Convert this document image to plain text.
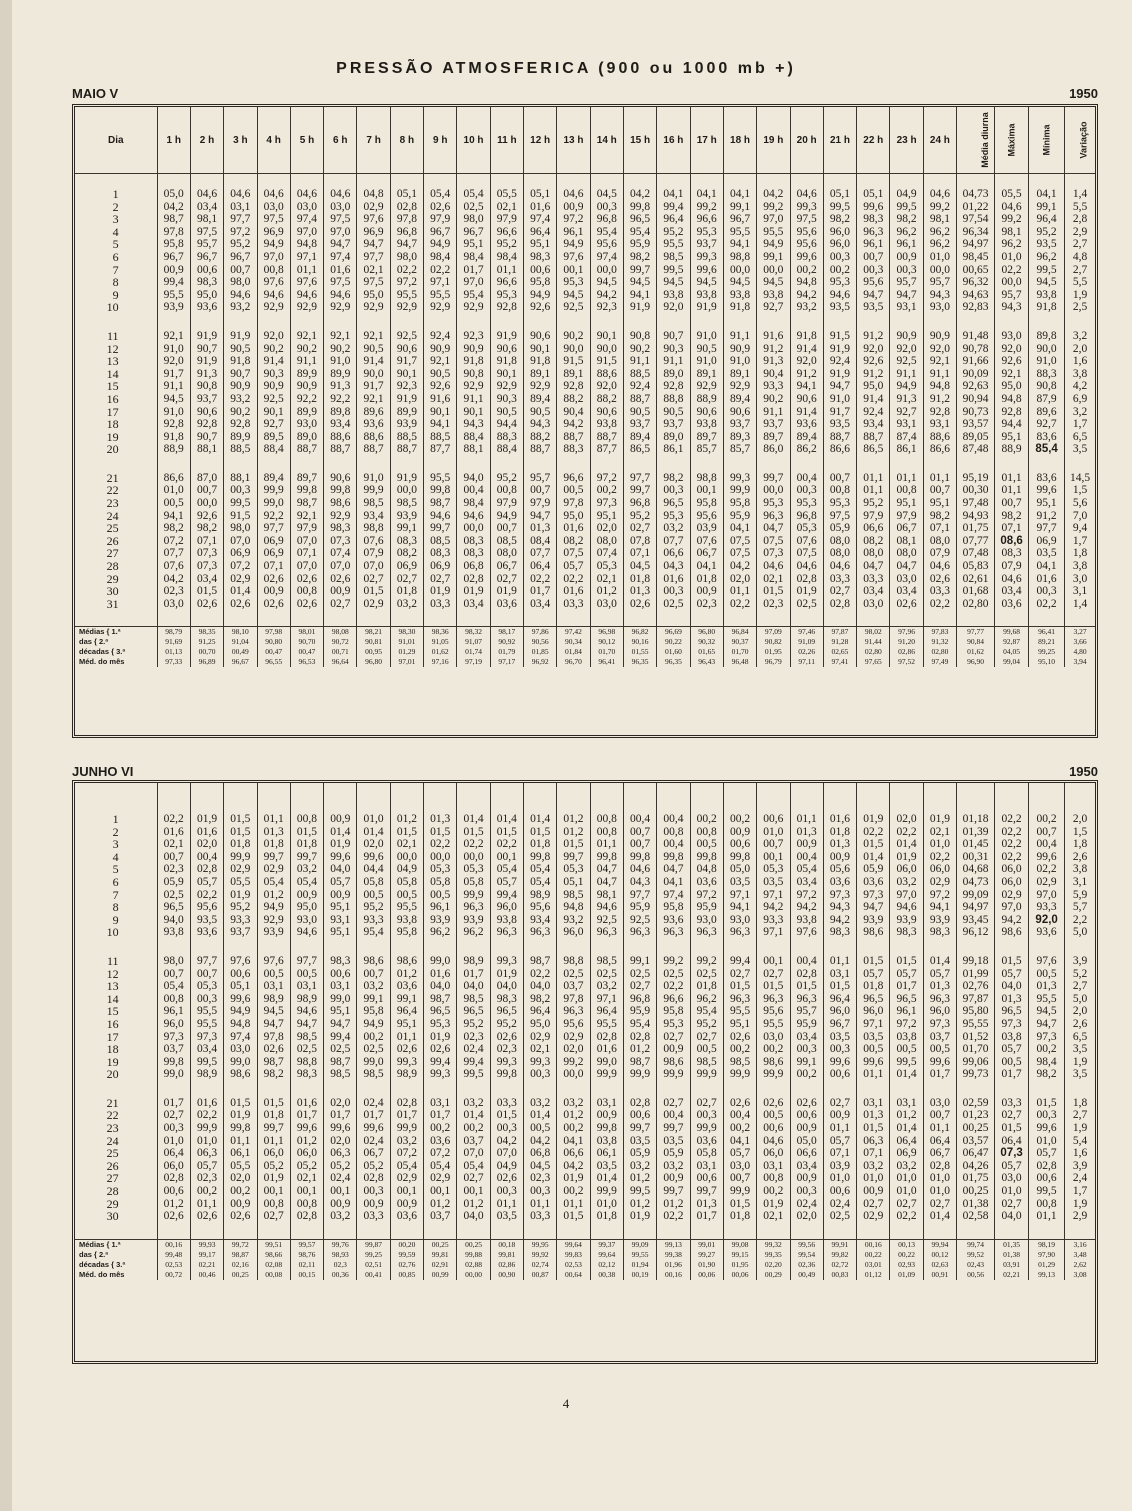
PRESSÃO ATMOSFERICA (900 ou 1000 mb +)
MAIO V	1950
Dia	1 h	2 h	3 h	4 h	5 h	6 h	7 h	8 h	9 h	10 h	11 h	12 h	13 h	14 h	15 h	16 h	17 h	18 h	19 h	20 h	21 h	22 h	23 h	24 h	Média diurna	Máxima	Mínima	Variação

1	05,0	04,6	04,6	04,6	04,6	04,6	04,8	05,1	05,4	05,4	05,5	05,1	04,6	04,5	04,2	04,1	04,1	04,1	04,2	04,6	05,1	05,1	04,9	04,6	04,73	05,5	04,1	1,4
2	04,2	03,4	03,1	03,0	03,0	03,0	02,9	02,8	02,6	02,5	02,1	01,6	00,9	00,3	99,8	99,4	99,2	99,1	99,2	99,3	99,5	99,6	99,5	99,2	01,22	04,6	99,1	5,5
3	98,7	98,1	97,7	97,5	97,4	97,5	97,6	97,8	97,9	98,0	97,9	97,4	97,2	96,8	96,5	96,4	96,6	96,7	97,0	97,5	98,2	98,3	98,2	98,1	97,54	99,2	96,4	2,8
4	97,8	97,5	97,2	96,9	97,0	97,0	96,9	96,8	96,7	96,7	96,6	96,4	96,1	95,4	95,4	95,2	95,3	95,5	95,5	95,6	96,0	96,3	96,2	96,2	96,34	98,1	95,2	2,9
5	95,8	95,7	95,2	94,9	94,8	94,7	94,7	94,7	94,9	95,1	95,2	95,1	94,9	95,6	95,9	95,5	93,7	94,1	94,9	95,6	96,0	96,1	96,1	96,2	94,97	96,2	93,5	2,7
6	96,7	96,7	96,7	97,0	97,1	97,4	97,7	98,0	98,4	98,4	98,4	98,3	97,6	97,4	98,2	98,5	99,3	98,8	99,1	99,6	00,3	00,7	00,9	01,0	98,45	01,0	96,2	4,8
7	00,9	00,6	00,7	00,8	01,1	01,6	02,1	02,2	02,2	01,7	01,1	00,6	00,1	00,0	99,7	99,5	99,6	00,0	00,0	00,2	00,2	00,3	00,3	00,0	00,65	02,2	99,5	2,7
8	99,4	98,3	98,0	97,6	97,6	97,5	97,5	97,2	97,1	97,0	96,6	95,8	95,3	94,5	94,5	94,5	94,5	94,5	94,5	94,8	95,3	95,6	95,7	95,7	96,32	00,0	94,5	5,5
9	95,5	95,0	94,6	94,6	94,6	94,6	95,0	95,5	95,5	95,4	95,3	94,9	94,5	94,2	94,1	93,8	93,8	93,8	93,8	94,2	94,6	94,7	94,7	94,3	94,63	95,7	93,8	1,9
10	93,9	93,6	93,2	92,9	92,9	92,9	92,9	92,9	92,9	92,9	92,8	92,6	92,5	92,3	91,9	92,0	91,9	91,8	92,7	93,2	93,5	93,5	93,1	93,0	92,83	94,3	91,8	2,5

11	92,1	91,9	91,9	92,0	92,1	92,1	92,1	92,5	92,4	92,3	91,9	90,6	90,2	90,1	90,8	90,7	91,0	91,1	91,6	91,8	91,5	91,2	90,9	90,9	91,48	93,0	89,8	3,2
12	91,0	90,7	90,5	90,2	90,2	90,2	90,5	90,6	90,9	90,9	90,6	90,1	90,0	90,0	90,2	90,3	90,5	90,9	91,2	91,4	91,9	92,0	92,0	92,0	90,78	92,0	90,0	2,0
13	92,0	91,9	91,8	91,4	91,1	91,0	91,4	91,7	92,1	91,8	91,8	91,8	91,5	91,5	91,1	91,1	91,0	91,0	91,3	92,0	92,4	92,6	92,5	92,1	91,66	92,6	91,0	1,6
14	91,7	91,3	90,7	90,3	89,9	89,9	90,0	90,1	90,5	90,8	90,1	89,1	89,1	88,6	88,5	89,0	89,1	89,1	90,4	91,2	91,9	91,2	91,1	91,1	90,09	92,1	88,3	3,8
15	91,1	90,8	90,9	90,9	90,9	91,3	91,7	92,3	92,6	92,9	92,9	92,9	92,8	92,0	92,4	92,8	92,9	92,9	93,3	94,1	94,7	95,0	94,9	94,8	92,63	95,0	90,8	4,2
16	94,5	93,7	93,2	92,5	92,2	92,2	92,1	91,9	91,6	91,1	90,3	89,4	88,2	88,2	88,7	88,8	88,9	89,4	90,2	90,6	91,0	91,4	91,3	91,2	90,94	94,8	87,9	6,9
17	91,0	90,6	90,2	90,1	89,9	89,8	89,6	89,9	90,1	90,1	90,5	90,5	90,4	90,6	90,5	90,5	90,6	90,6	91,1	91,4	91,7	92,4	92,7	92,8	90,73	92,8	89,6	3,2
18	92,8	92,8	92,8	92,7	93,0	93,4	93,6	93,9	94,1	94,3	94,4	94,3	94,2	93,8	93,7	93,7	93,8	93,7	93,7	93,6	93,5	93,4	93,1	93,1	93,57	94,4	92,7	1,7
19	91,8	90,7	89,9	89,5	89,0	88,6	88,6	88,5	88,5	88,4	88,3	88,2	88,7	88,7	89,4	89,0	89,7	89,3	89,7	89,4	88,7	88,7	87,4	88,6	89,05	95,1	83,6	6,5
20	88,9	88,1	88,5	88,4	88,7	88,7	88,7	88,7	87,7	88,1	88,4	88,7	88,3	87,7	86,5	86,1	85,7	85,7	86,0	86,2	86,6	86,5	86,1	86,6	87,48	88,9	85,4	3,5

21	86,6	87,0	88,1	89,4	89,7	90,6	91,0	91,9	95,5	94,0	95,2	95,7	96,6	97,2	97,7	98,2	98,8	99,3	99,7	00,4	00,7	01,1	01,1	01,1	95,19	01,1	83,6	14,5
22	01,0	00,7	00,3	99,9	99,8	99,8	99,9	00,0	99,8	00,4	00,8	00,7	00,5	00,2	99,7	00,3	00,1	99,9	00,0	00,3	00,8	01,1	00,8	00,7	00,30	01,1	99,6	1,5
23	00,5	00,0	99,5	99,0	98,7	98,6	98,5	98,5	98,7	98,4	97,9	97,9	97,8	97,3	96,8	96,5	95,8	95,8	95,3	95,3	95,3	95,2	95,1	95,1	97,48	00,7	95,1	5,6
24	94,1	92,6	91,5	92,2	92,1	92,9	93,4	93,9	94,6	94,6	94,9	94,7	95,0	95,1	95,2	95,3	95,6	95,9	96,3	96,8	97,5	97,9	97,9	98,2	94,93	98,2	91,2	7,0
25	98,2	98,2	98,0	97,7	97,9	98,3	98,8	99,1	99,7	00,0	00,7	01,3	01,6	02,0	02,7	03,2	03,9	04,1	04,7	05,3	05,9	06,6	06,7	07,1	01,75	07,1	97,7	9,4
26	07,2	07,1	07,0	06,9	07,0	07,3	07,6	08,3	08,5	08,3	08,5	08,4	08,2	08,0	07,8	07,7	07,6	07,5	07,5	07,6	08,0	08,2	08,1	08,0	07,77	08,6	06,9	1,7
27	07,7	07,3	06,9	06,9	07,1	07,4	07,9	08,2	08,3	08,3	08,0	07,7	07,5	07,4	07,1	06,6	06,7	07,5	07,3	07,5	08,0	08,0	08,0	07,9	07,48	08,3	03,5	1,8
28	07,6	07,3	07,2	07,1	07,0	07,0	07,0	06,9	06,9	06,8	06,7	06,4	05,7	05,3	04,5	04,3	04,1	04,2	04,6	04,6	04,6	04,7	04,7	04,6	05,83	07,9	04,1	3,8
29	04,2	03,4	02,9	02,6	02,6	02,6	02,7	02,7	02,7	02,8	02,7	02,2	02,2	02,1	01,8	01,6	01,8	02,0	02,1	02,8	03,3	03,3	03,0	02,6	02,61	04,6	01,6	3,0
30	02,3	01,5	01,4	00,9	00,8	00,9	01,5	01,8	01,9	01,9	01,9	01,7	01,6	01,2	01,3	00,3	00,9	01,1	01,5	01,9	02,7	03,4	03,4	03,3	01,68	03,4	00,3	3,1
31	03,0	02,6	02,6	02,6	02,6	02,7	02,9	03,2	03,3	03,4	03,6	03,4	03,3	03,0	02,6	02,5	02,3	02,2	02,3	02,5	02,8	03,0	02,6	02,2	02,80	03,6	02,2	1,4

Médias { 1.ª	98,79	98,35	98,10	97,98	98,01	98,08	98,21	98,30	98,36	98,32	98,17	97,86	97,42	96,98	96,82	96,69	96,80	96,84	97,09	97,46	97,87	98,02	97,96	97,83	97,77	99,68	96,41	3,27
das { 2.ª	91,69	91,25	91,04	90,80	90,70	90,72	90,81	91,01	91,05	91,07	90,92	90,56	90,34	90,12	90,16	90,22	90,32	90,37	90,82	91,09	91,28	91,44	91,20	91,32	90,84	92,87	89,21	3,66
décadas { 3.ª	01,13	00,70	00,49	00,47	00,47	00,71	00,95	01,29	01,62	01,74	01,79	01,85	01,84	01,70	01,55	01,60	01,65	01,70	01,95	02,26	02,65	02,80	02,86	02,80	01,62	04,05	99,25	4,80
Méd. do mês	97,33	96,89	96,67	96,55	96,53	96,64	96,80	97,01	97,16	97,19	97,17	96,92	96,70	96,41	96,35	96,35	96,43	96,48	96,79	97,11	97,41	97,65	97,52	97,49	96,90	99,04	95,10	3,94
JUNHO VI	1950

1	02,2	01,9	01,5	01,1	00,8	00,9	01,0	01,2	01,3	01,4	01,4	01,4	01,2	00,8	00,4	00,4	00,2	00,2	00,6	01,1	01,6	01,9	02,0	01,9	01,18	02,2	00,2	2,0
2	01,6	01,6	01,5	01,3	01,5	01,4	01,4	01,5	01,5	01,5	01,5	01,5	01,2	00,8	00,7	00,8	00,8	00,9	01,0	01,3	01,8	02,2	02,2	02,1	01,39	02,2	00,7	1,5
3	02,1	02,0	01,8	01,8	01,8	01,9	02,0	02,1	02,2	02,2	02,2	01,8	01,5	01,1	00,7	00,4	00,5	00,6	00,7	00,9	01,3	01,5	01,4	01,0	01,45	02,2	00,4	1,8
4	00,7	00,4	99,9	99,7	99,7	99,6	99,6	00,0	00,0	00,0	00,1	99,8	99,7	99,8	99,8	99,8	99,8	99,8	00,1	00,4	00,9	01,4	01,9	02,2	00,31	02,2	99,6	2,6
5	02,3	02,8	02,9	02,9	03,2	04,0	04,4	04,9	05,3	05,3	05,4	05,4	05,3	04,7	04,6	04,7	04,8	05,0	05,3	05,4	05,6	05,9	06,0	06,0	04,68	06,0	02,2	3,8
6	05,9	05,7	05,5	05,4	05,4	05,7	05,8	05,8	05,8	05,8	05,7	05,4	05,1	04,7	04,3	04,1	03,6	03,5	03,5	03,4	03,6	03,6	03,2	02,9	04,73	06,0	02,9	3,1
7	02,5	02,2	01,9	01,2	00,9	00,9	00,5	00,5	00,5	99,9	99,4	98,9	98,5	98,1	97,7	97,4	97,2	97,1	97,1	97,2	97,3	97,3	97,0	97,2	99,09	02,9	97,0	5,9
8	96,5	95,6	95,2	94,9	95,0	95,1	95,2	95,5	96,1	96,3	96,0	95,6	94,8	94,6	95,9	95,8	95,9	94,1	94,2	94,2	94,3	94,7	94,6	94,1	94,97	97,0	93,3	5,7
9	94,0	93,5	93,3	92,9	93,0	93,1	93,3	93,8	93,9	93,9	93,8	93,4	93,2	92,5	92,5	93,6	93,0	93,0	93,3	93,8	94,2	93,9	93,9	93,9	93,45	94,2	92,0	2,2
10	93,8	93,6	93,7	93,9	94,6	95,1	95,4	95,8	96,2	96,2	96,3	96,3	96,0	96,3	96,3	96,3	96,3	96,3	97,1	97,6	98,3	98,6	98,3	98,3	96,12	98,6	93,6	5,0

11	98,0	97,7	97,6	97,6	97,7	98,3	98,6	98,6	99,0	98,9	99,3	98,7	98,8	98,5	99,1	99,2	99,2	99,4	00,1	00,4	01,1	01,5	01,5	01,4	99,18	01,5	97,6	3,9
12	00,7	00,7	00,6	00,5	00,5	00,6	00,7	01,2	01,6	01,7	01,9	02,2	02,5	02,5	02,5	02,5	02,5	02,7	02,7	02,8	03,1	05,7	05,7	05,7	01,99	05,7	00,5	5,2
13	05,4	05,3	05,1	03,1	03,1	03,1	03,2	03,6	04,0	04,0	04,0	04,0	03,7	03,2	02,7	02,2	01,8	01,5	01,5	01,5	01,5	01,8	01,7	01,3	02,76	04,0	01,3	2,7
14	00,8	00,3	99,6	98,9	98,9	99,0	99,1	99,1	98,7	98,5	98,3	98,2	97,8	97,1	96,8	96,6	96,2	96,3	96,3	96,3	96,4	96,5	96,5	96,3	97,87	01,3	95,5	5,0
15	96,1	95,5	94,9	94,5	94,6	95,1	95,8	96,4	96,5	96,5	96,5	96,4	96,3	96,4	95,9	95,8	95,4	95,5	95,6	95,7	96,0	96,0	96,1	96,0	95,80	96,5	94,5	2,0
16	96,0	95,5	94,8	94,7	94,7	94,7	94,9	95,1	95,3	95,2	95,2	95,0	95,6	95,5	95,4	95,3	95,2	95,1	95,5	95,9	96,7	97,1	97,2	97,3	95,55	97,3	94,7	2,6
17	97,3	97,3	97,4	97,8	98,5	99,4	00,2	01,1	01,9	02,3	02,6	02,9	02,9	02,8	02,8	02,7	02,7	02,6	03,0	03,4	03,5	03,5	03,8	03,7	01,52	03,8	97,3	6,5
18	03,7	03,4	03,0	02,6	02,5	02,5	02,5	02,6	02,6	02,4	02,3	02,1	02,0	01,6	01,2	00,9	00,5	00,2	00,2	00,3	00,3	00,5	00,5	00,5	01,70	05,7	00,2	3,5
19	99,8	99,5	99,0	98,7	98,8	98,7	99,0	99,3	99,4	99,4	99,3	99,3	99,2	99,0	98,7	98,6	98,5	98,5	98,6	99,1	99,6	99,6	99,5	99,6	99,06	00,5	98,4	1,9
20	99,0	98,9	98,6	98,2	98,3	98,5	98,5	98,9	99,3	99,5	99,8	00,3	00,0	99,9	99,9	99,9	99,9	99,9	99,9	00,2	00,6	01,1	01,4	01,7	99,73	01,7	98,2	3,5

21	01,7	01,6	01,5	01,5	01,6	02,0	02,4	02,8	03,1	03,2	03,3	03,2	03,2	03,1	02,8	02,7	02,7	02,6	02,6	02,6	02,7	03,1	03,1	03,0	02,59	03,3	01,5	1,8
22	02,7	02,2	01,9	01,8	01,7	01,7	01,7	01,7	01,7	01,4	01,5	01,4	01,2	00,9	00,6	00,4	00,3	00,4	00,5	00,6	00,9	01,3	01,2	00,7	01,23	02,7	00,3	2,7
23	00,3	99,9	99,8	99,7	99,6	99,6	99,6	99,9	00,2	00,2	00,3	00,5	00,2	99,8	99,7	99,7	99,9	00,2	00,6	00,9	01,1	01,5	01,4	01,1	00,25	01,5	99,6	1,9
24	01,0	01,0	01,1	01,1	01,2	02,0	02,4	03,2	03,6	03,7	04,2	04,2	04,1	03,8	03,5	03,5	03,6	04,1	04,6	05,0	05,7	06,3	06,4	06,4	03,57	06,4	01,0	5,4
25	06,4	06,3	06,1	06,0	06,0	06,3	06,7	07,2	07,2	07,0	07,0	06,8	06,6	06,1	05,9	05,9	05,8	05,7	06,0	06,6	07,1	07,1	06,9	06,7	06,47	07,3	05,7	1,6
26	06,0	05,7	05,5	05,2	05,2	05,2	05,2	05,4	05,4	05,4	04,9	04,5	04,2	03,5	03,2	03,2	03,1	03,0	03,1	03,4	03,9	03,2	03,2	02,8	04,26	05,7	02,8	3,9
27	02,8	02,3	02,0	01,9	02,1	02,4	02,8	02,9	02,9	02,7	02,6	02,3	01,9	01,4	01,2	00,9	00,6	00,7	00,8	00,9	01,0	01,0	01,0	01,0	01,75	03,0	00,6	2,4
28	00,6	00,2	00,2	00,1	00,1	00,1	00,3	00,1	00,1	00,1	00,3	00,3	00,2	99,9	99,5	99,7	99,7	99,9	00,2	00,3	00,6	00,9	01,0	01,0	00,25	01,0	99,5	1,7
29	01,2	01,1	00,9	00,8	00,8	00,9	00,9	00,9	01,2	01,2	01,1	01,1	01,1	01,0	01,2	01,2	01,3	01,5	01,9	02,4	02,4	02,7	02,7	02,7	01,38	02,7	00,8	1,9
30	02,6	02,6	02,6	02,7	02,8	03,2	03,3	03,6	03,7	04,0	03,5	03,3	01,5	01,8	01,9	02,2	01,7	01,8	02,1	02,0	02,5	02,9	02,2	01,4	02,58	04,0	01,1	2,9

Médias { 1.ª	00,16	99,93	99,72	99,51	99,57	99,76	99,87	00,20	00,25	00,25	00,18	99,95	99,64	99,37	99,09	99,13	99,01	99,08	99,32	99,56	99,91	00,16	00,13	99,94	99,74	01,35	98,19	3,16
das { 2.ª	99,48	99,17	98,87	98,66	98,76	98,93	99,25	99,59	99,81	99,88	99,81	99,92	99,83	99,64	99,55	99,38	99,27	99,15	99,35	99,54	99,82	00,22	00,22	00,12	99,52	01,38	97,90	3,48
décadas { 3.ª	02,53	02,21	02,16	02,08	02,11	02,3	02,51	02,76	02,91	02,88	02,86	02,74	02,53	02,12	01,94	01,96	01,90	01,95	02,20	02,36	02,72	03,01	02,93	02,63	02,43	03,91	01,29	2,62
Méd. do mês	00,72	00,46	00,25	00,08	00,15	00,36	00,41	00,85	00,99	00,00	00,90	00,87	00,64	00,38	00,19	00,16	00,06	00,06	00,29	00,49	00,83	01,12	01,09	00,91	00,56	02,21	99,13	3,08
4
